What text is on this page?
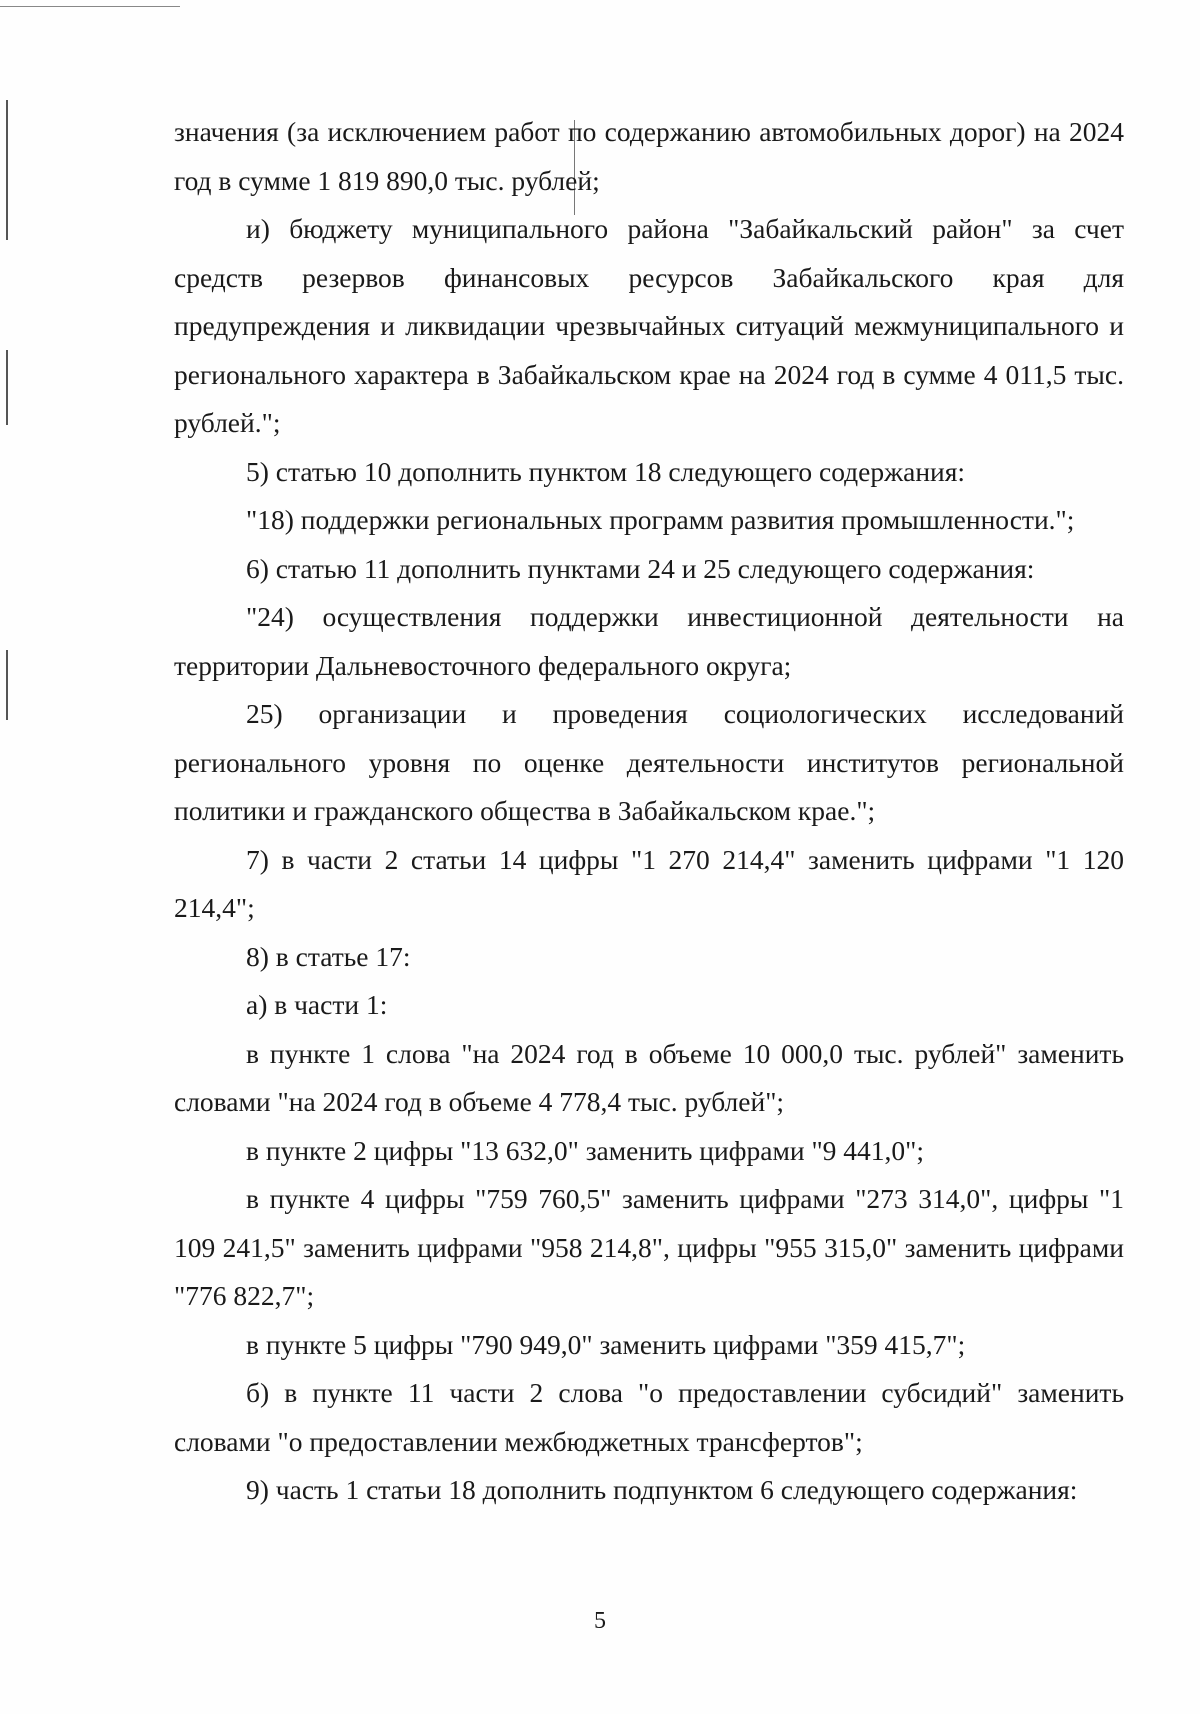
значения (за исключением работ по содержанию автомобильных дорог) на 2024 год в сумме 1 819 890,0 тыс. рублей;

и) бюджету муниципального района "Забайкальский район" за счет средств резервов финансовых ресурсов Забайкальского края для предупреждения и ликвидации чрезвычайных ситуаций межмуниципального и регионального характера в Забайкальском крае на 2024 год в сумме 4 011,5 тыс. рублей.";

5) статью 10 дополнить пунктом 18 следующего содержания:

"18) поддержки региональных программ развития промышленности.";

6) статью 11 дополнить пунктами 24 и 25 следующего содержания:

"24) осуществления поддержки инвестиционной деятельности на территории Дальневосточного федерального округа;

25) организации и проведения социологических исследований регионального уровня по оценке деятельности институтов региональной политики и гражданского общества в Забайкальском крае.";

7) в части 2 статьи 14 цифры "1 270 214,4" заменить цифрами "1 120 214,4";

8) в статье 17:

а) в части 1:

в пункте 1 слова "на 2024 год в объеме 10 000,0 тыс. рублей" заменить словами "на 2024 год в объеме 4 778,4 тыс. рублей";

в пункте 2 цифры "13 632,0" заменить цифрами "9 441,0";

в пункте 4 цифры "759 760,5" заменить цифрами "273 314,0", цифры "1 109 241,5" заменить цифрами "958 214,8", цифры "955 315,0" заменить цифрами "776 822,7";

в пункте 5 цифры "790 949,0" заменить цифрами "359 415,7";

б) в пункте 11 части 2 слова "о предоставлении субсидий" заменить словами "о предоставлении межбюджетных трансфертов";

9) часть 1 статьи 18 дополнить подпунктом 6 следующего содержания:

5
